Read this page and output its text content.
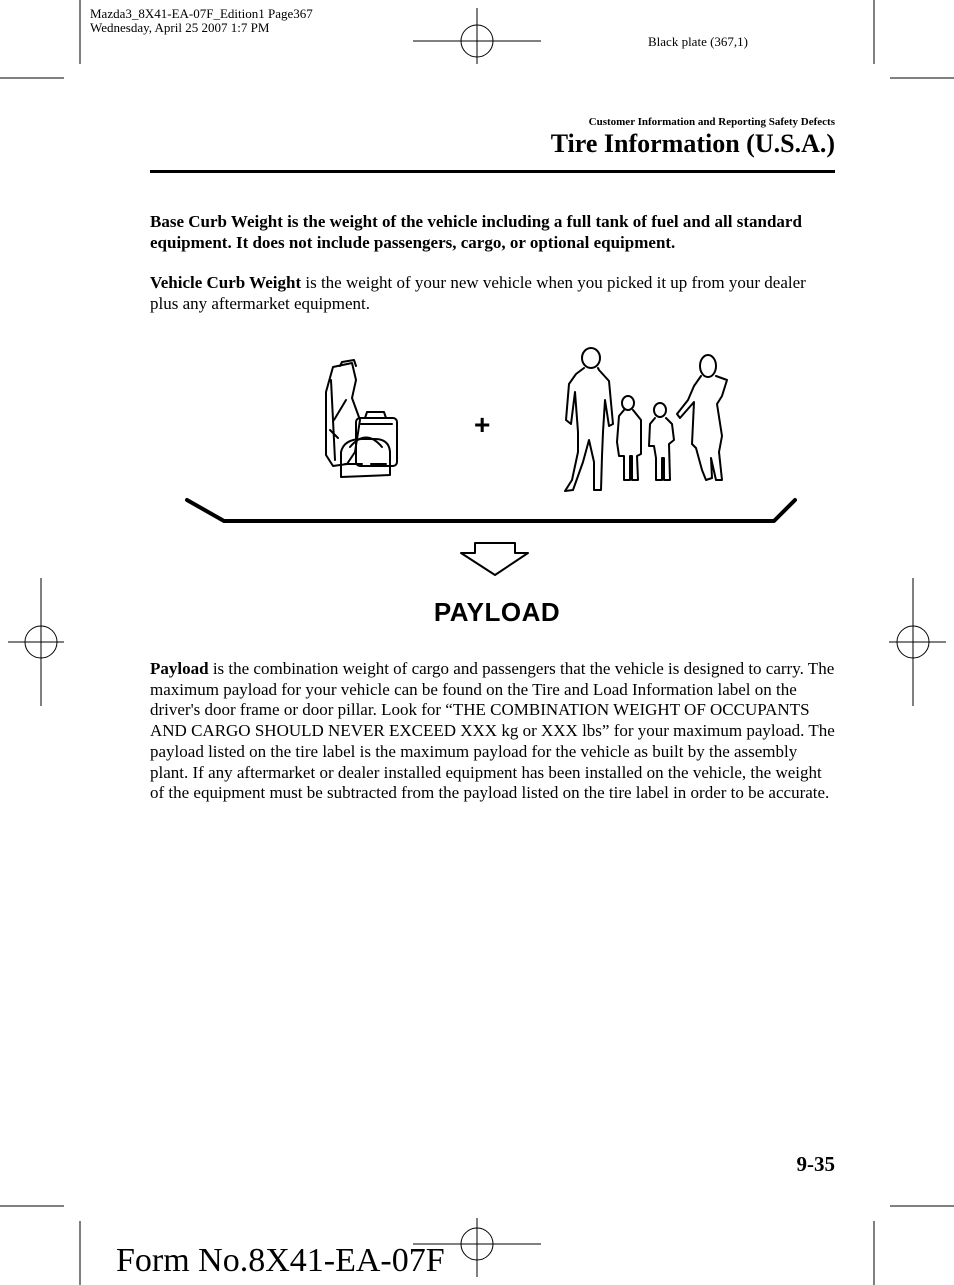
Mazda3_8X41-EA-07F_Edition1 Page367
Wednesday, April 25 2007 1:7 PM
Black plate (367,1)
Customer Information and Reporting Safety Defects
Tire Information (U.S.A.)
Base Curb Weight is the weight of the vehicle including a full tank of fuel and all standard equipment. It does not include passengers, cargo, or optional equipment.
Vehicle Curb Weight is the weight of your new vehicle when you picked it up from your dealer plus any aftermarket equipment.
+
PAYLOAD
Payload is the combination weight of cargo and passengers that the vehicle is designed to carry. The maximum payload for your vehicle can be found on the Tire and Load Information label on the driver's door frame or door pillar. Look for “THE COMBINATION WEIGHT OF OCCUPANTS AND CARGO SHOULD NEVER EXCEED XXX kg or XXX lbs” for your maximum payload. The payload listed on the tire label is the maximum payload for the vehicle as built by the assembly plant. If any aftermarket or dealer installed equipment has been installed on the vehicle, the weight of the equipment must be subtracted from the payload listed on the tire label in order to be accurate.
9-35
Form No.8X41-EA-07F
